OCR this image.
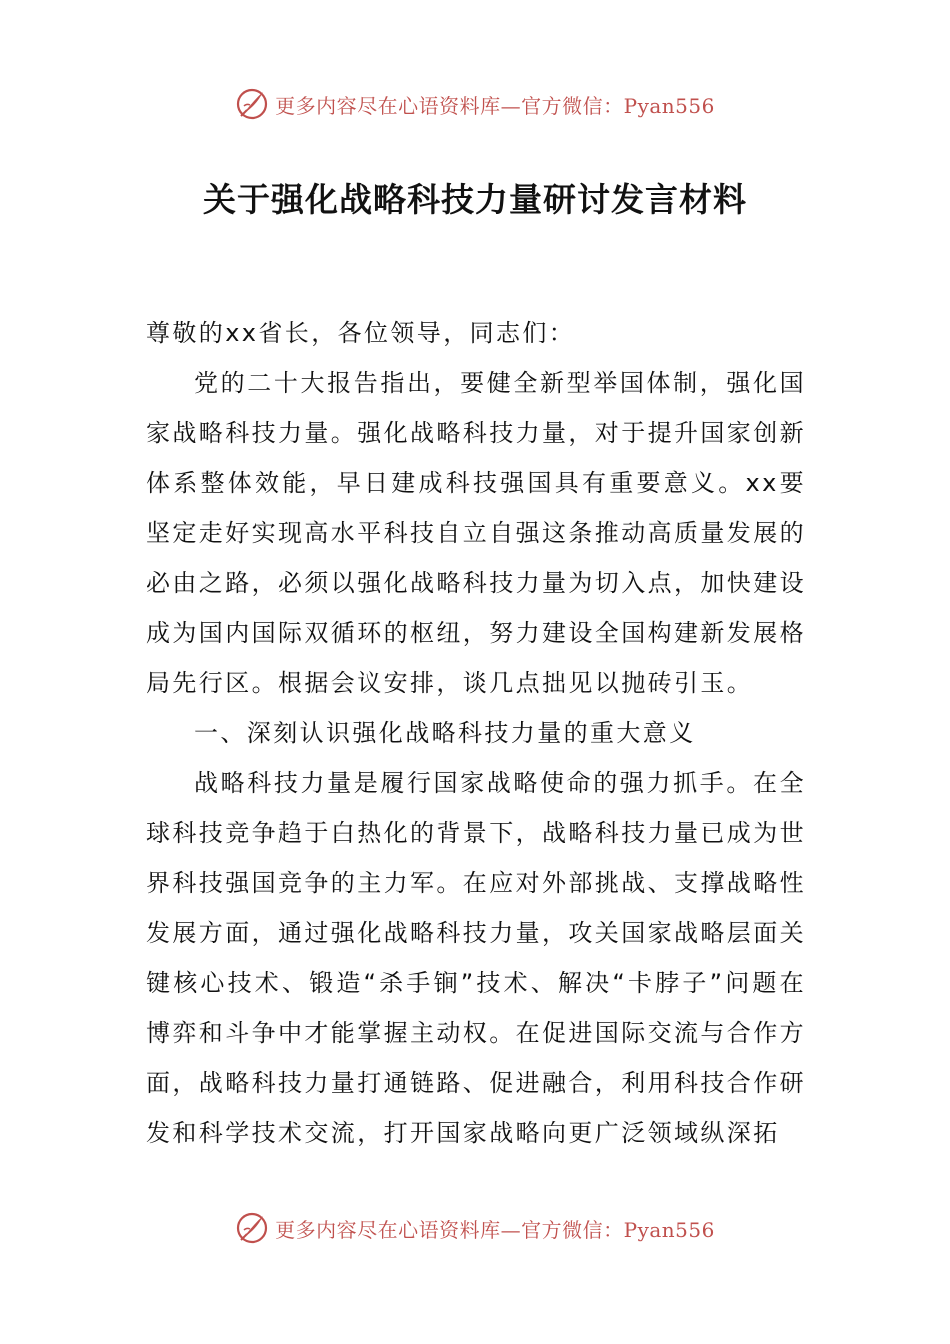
更多内容尽在心语资料库—官方微信：Pyan556
关于强化战略科技力量研讨发言材料

尊敬的xx省长，各位领导，同志们：

党的二十大报告指出，要健全新型举国体制，强化国家战略科技力量。强化战略科技力量，对于提升国家创新体系整体效能，早日建成科技强国具有重要意义。xx要坚定走好实现高水平科技自立自强这条推动高质量发展的必由之路，必须以强化战略科技力量为切入点，加快建设成为国内国际双循环的枢纽，努力建设全国构建新发展格局先行区。根据会议安排，谈几点拙见以抛砖引玉。

一、深刻认识强化战略科技力量的重大意义

战略科技力量是履行国家战略使命的强力抓手。在全球科技竞争趋于白热化的背景下，战略科技力量已成为世界科技强国竞争的主力军。在应对外部挑战、支撑战略性发展方面，通过强化战略科技力量，攻关国家战略层面关键核心技术、锻造“杀手锏”技术、解决“卡脖子”问题在博弈和斗争中才能掌握主动权。在促进国际交流与合作方面，战略科技力量打通链路、促进融合，利用科技合作研发和科学技术交流，打开国家战略向更广泛领域纵深拓

更多内容尽在心语资料库—官方微信：Pyan556
